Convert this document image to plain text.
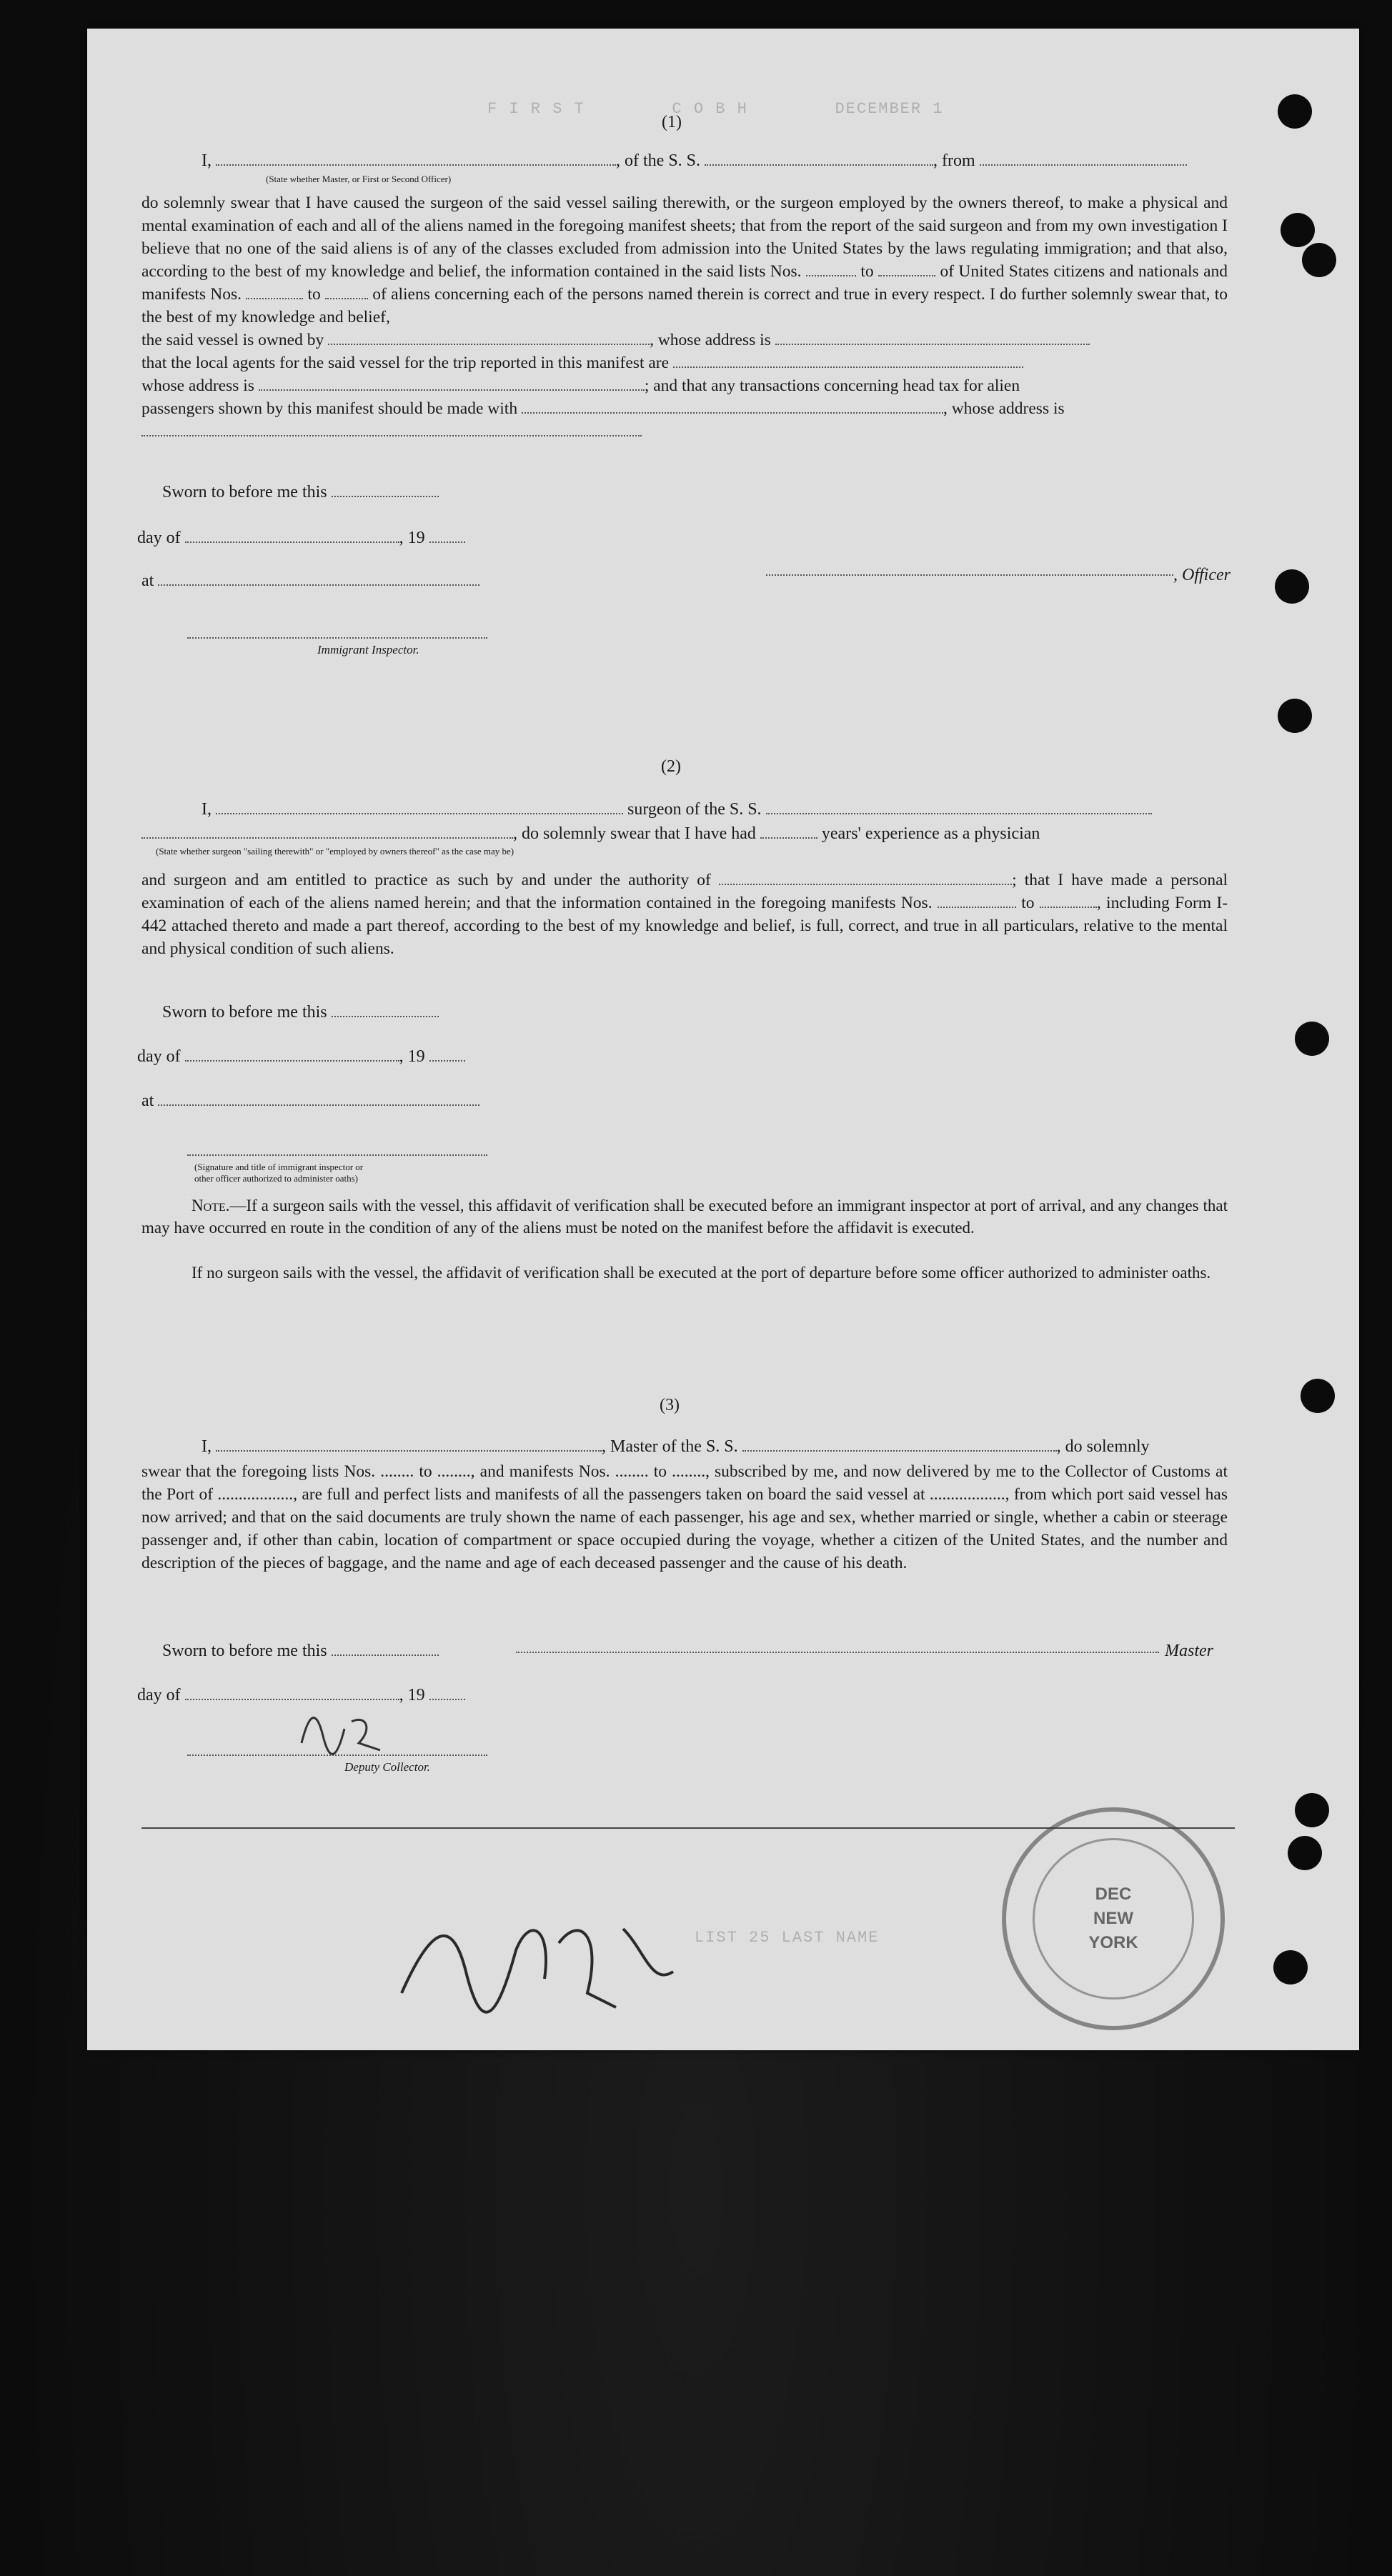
F I R S T        C O B H        DECEMBER 1
LIST 25 LAST NAME
(1)
I,	, of the S. S.	, from
(State whether Master, or First or Second Officer)
do solemnly swear that I have caused the surgeon of the said vessel sailing therewith, or the surgeon employed by the owners thereof, to make a physical and mental examination of each and all of the aliens named in the foregoing manifest sheets; that from the report of the said surgeon and from my own investigation I believe that no one of the said aliens is of any of the classes excluded from admission into the United States by the laws regulating immigration; and that also, according to the best of my knowledge and belief, the information contained in the said lists Nos.	to	of United States citizens and nationals and manifests Nos.	to	of aliens concerning each of the persons named therein is correct and true in every respect. I do further solemnly swear that, to the best of my knowledge and belief,
the said vessel is owned by	, whose address is
that the local agents for the said vessel for the trip reported in this manifest are
whose address is	; and that any transactions concerning head tax for alien
passengers shown by this manifest should be made with	, whose address is

Sworn to before me this
day of	, 19
at	, Officer
Immigrant Inspector.
(2)
I,	surgeon of the S. S.
, do solemnly swear that I have had	years' experience as a physician
(State whether surgeon "sailing therewith" or "employed by owners thereof" as the case may be)
and surgeon and am entitled to practice as such by and under the authority of	; that I have made a personal examination of each of the aliens named herein; and that the information contained in the foregoing manifests Nos.	to	, including Form I-442 attached thereto and made a part thereof, according to the best of my knowledge and belief, is full, correct, and true in all particulars, relative to the mental and physical condition of such aliens.
Sworn to before me this
day of	, 19
at
(Signature and title of immigrant inspector or
other officer authorized to administer oaths)
Note.—If a surgeon sails with the vessel, this affidavit of verification shall be executed before an immigrant inspector at port of arrival, and any changes that may have occurred en route in the condition of any of the aliens must be noted on the manifest before the affidavit is executed.
If no surgeon sails with the vessel, the affidavit of verification shall be executed at the port of departure before some officer authorized to administer oaths.
(3)
I,	, Master of the S. S.	, do solemnly
swear that the foregoing lists Nos. ........ to ........, and manifests Nos. ........ to ........, subscribed by me, and now delivered by me to the Collector of Customs at the Port of .................., are full and perfect lists and manifests of all the passengers taken on board the said vessel at .................., from which port said vessel has now arrived; and that on the said documents are truly shown the name of each passenger, his age and sex, whether married or single, whether a cabin or steerage passenger and, if other than cabin, location of compartment or space occupied during the voyage, whether a citizen of the United States, and the number and description of the pieces of baggage, and the name and age of each deceased passenger and the cause of his death.
Sworn to before me this	Master
day of	, 19
Deputy Collector.
DEC
NEW
YORK
